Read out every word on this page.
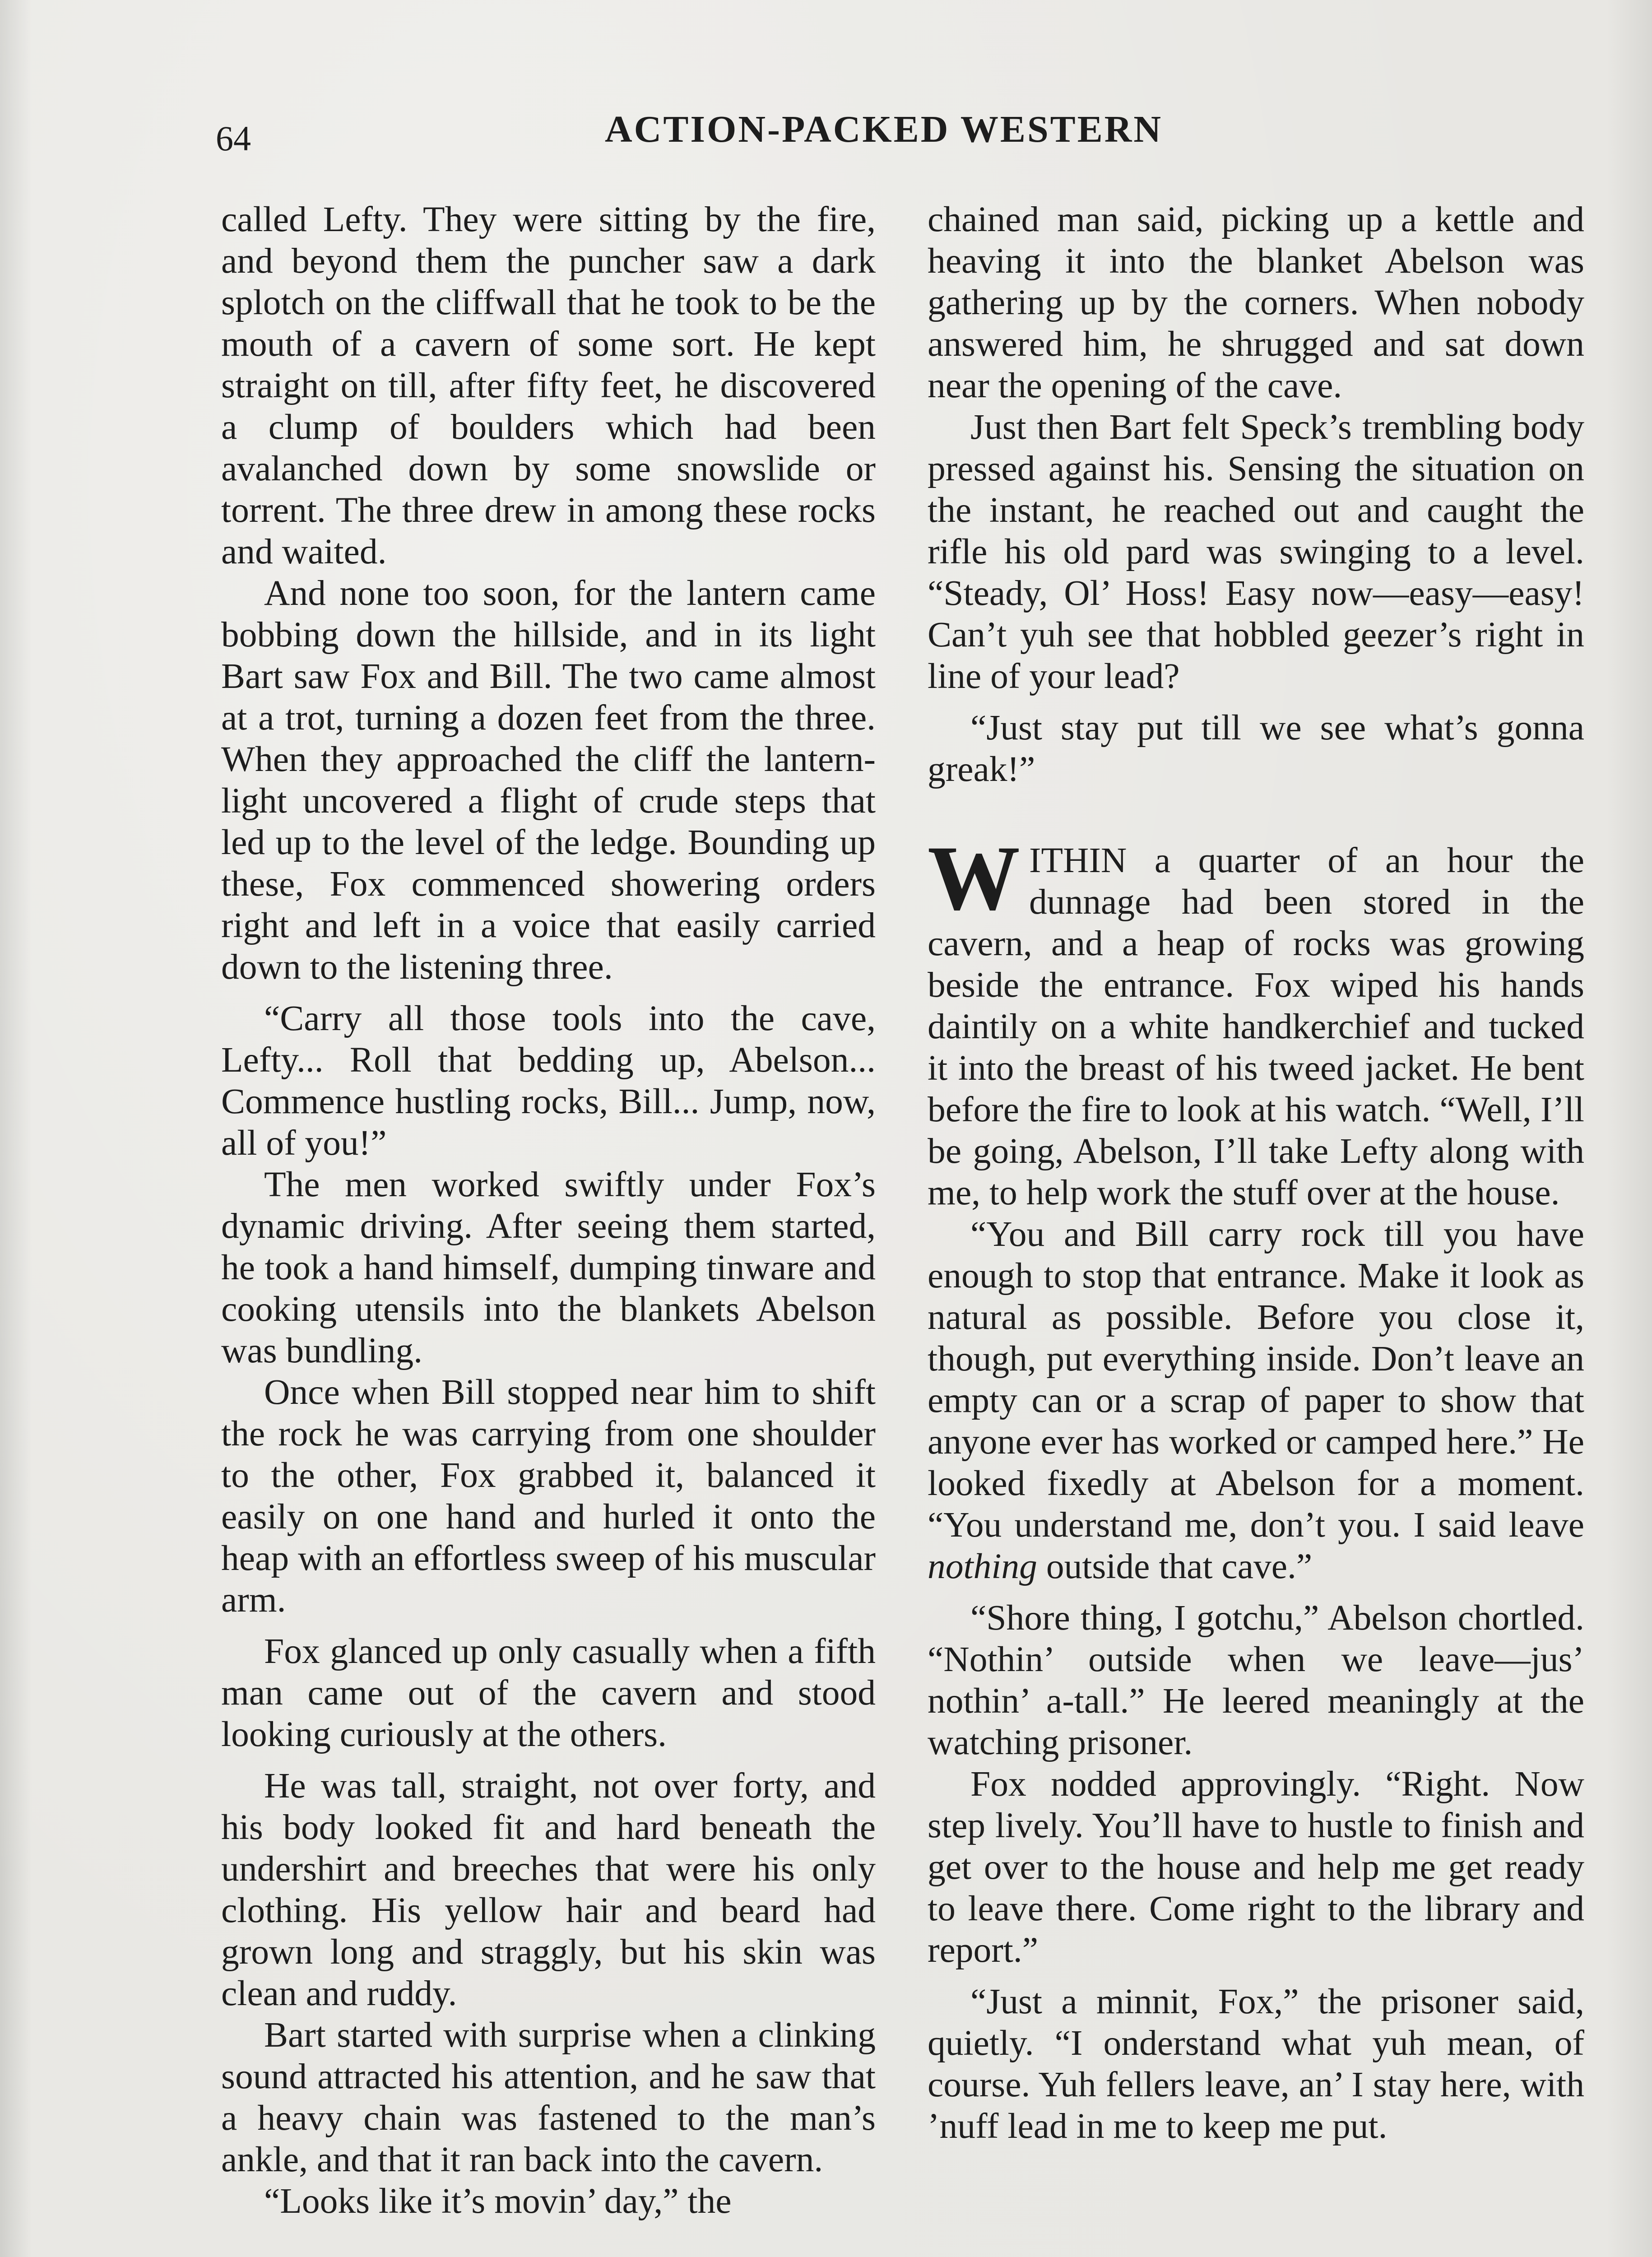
64	ACTION-PACKED WESTERN

called Lefty. They were sitting by the fire, and beyond them the puncher saw a dark splotch on the cliffwall that he took to be the mouth of a cavern of some sort. He kept straight on till, after fifty feet, he discovered a clump of boulders which had been avalanched down by some snowslide or torrent. The three drew in among these rocks and waited.

And none too soon, for the lantern came bobbing down the hillside, and in its light Bart saw Fox and Bill. The two came almost at a trot, turning a dozen feet from the three. When they approached the cliff the lantern-light uncovered a flight of crude steps that led up to the level of the ledge. Bounding up these, Fox commenced showering orders right and left in a voice that easily carried down to the listening three.

“Carry all those tools into the cave, Lefty... Roll that bedding up, Abelson... Commence hustling rocks, Bill... Jump, now, all of you!”

The men worked swiftly under Fox’s dynamic driving. After seeing them started, he took a hand himself, dumping tinware and cooking utensils into the blankets Abelson was bundling.

Once when Bill stopped near him to shift the rock he was carrying from one shoulder to the other, Fox grabbed it, balanced it easily on one hand and hurled it onto the heap with an effortless sweep of his muscular arm.

Fox glanced up only casually when a fifth man came out of the cavern and stood looking curiously at the others.

He was tall, straight, not over forty, and his body looked fit and hard beneath the undershirt and breeches that were his only clothing. His yellow hair and beard had grown long and straggly, but his skin was clean and ruddy.

Bart started with surprise when a clinking sound attracted his attention, and he saw that a heavy chain was fastened to the man’s ankle, and that it ran back into the cavern.

“Looks like it’s movin’ day,” the

chained man said, picking up a kettle and heaving it into the blanket Abelson was gathering up by the corners. When nobody answered him, he shrugged and sat down near the opening of the cave.

Just then Bart felt Speck’s trembling body pressed against his. Sensing the situation on the instant, he reached out and caught the rifle his old pard was swinging to a level. “Steady, Ol’ Hoss! Easy now—easy—easy! Can’t yuh see that hobbled geezer’s right in line of your lead?

“Just stay put till we see what’s gonna greak!”

WITHIN a quarter of an hour the dunnage had been stored in the cavern, and a heap of rocks was growing beside the entrance. Fox wiped his hands daintily on a white handkerchief and tucked it into the breast of his tweed jacket. He bent before the fire to look at his watch. “Well, I’ll be going, Abelson, I’ll take Lefty along with me, to help work the stuff over at the house.

“You and Bill carry rock till you have enough to stop that entrance. Make it look as natural as possible. Before you close it, though, put everything inside. Don’t leave an empty can or a scrap of paper to show that anyone ever has worked or camped here.” He looked fixedly at Abelson for a moment. “You understand me, don’t you. I said leave nothing outside that cave.”

“Shore thing, I gotchu,” Abelson chortled. “Nothin’ outside when we leave—jus’ nothin’ a-tall.” He leered meaningly at the watching prisoner.

Fox nodded approvingly. “Right. Now step lively. You’ll have to hustle to finish and get over to the house and help me get ready to leave there. Come right to the library and report.”

“Just a minnit, Fox,” the prisoner said, quietly. “I onderstand what yuh mean, of course. Yuh fellers leave, an’ I stay here, with ’nuff lead in me to keep me put.
